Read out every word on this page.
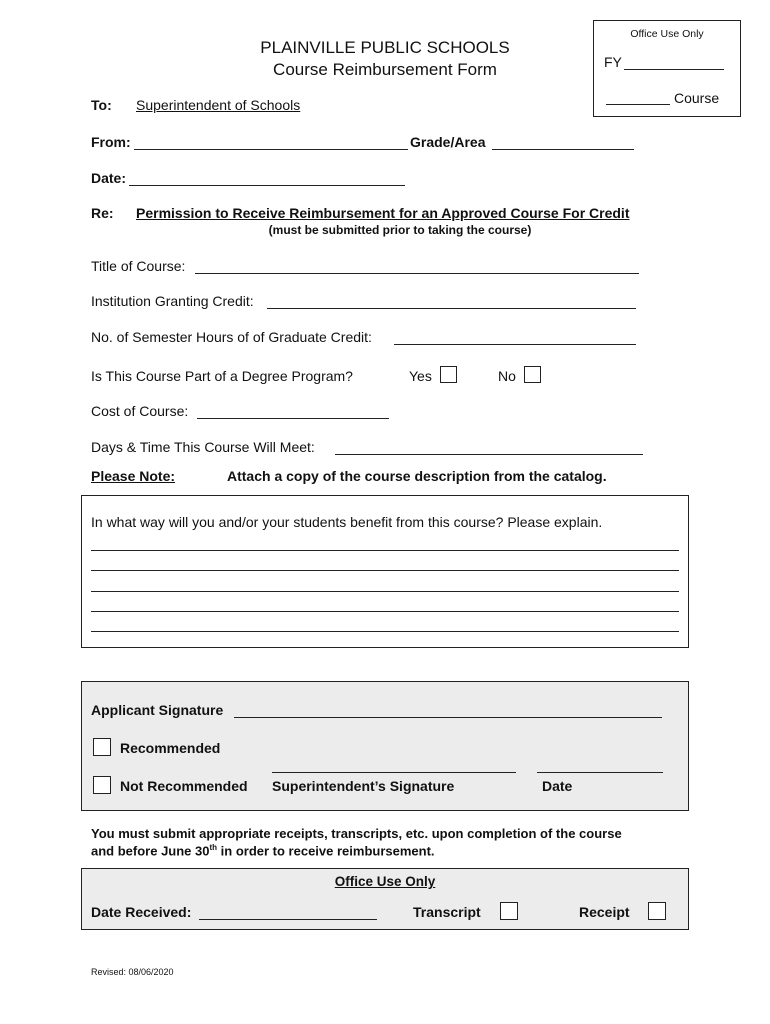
Office Use Only
FY
Course
PLAINVILLE PUBLIC SCHOOLS
Course Reimbursement Form
To: Superintendent of Schools
From:	Grade/Area
Date:
Re: Permission to Receive Reimbursement for an Approved Course For Credit
(must be submitted prior to taking the course)
Title of Course:
Institution Granting Credit:
No. of Semester Hours of of Graduate Credit:
Is This Course Part of a Degree Program?	Yes	No
Cost of Course:
Days & Time This Course Will Meet:
Please Note:	Attach a copy of the course description from the catalog.
In what way will you and/or your students benefit from this course? Please explain.
Applicant Signature
Recommended
Not Recommended Superintendent’s Signature	Date
You must submit appropriate receipts, transcripts, etc. upon completion of the course
and before June 30th in order to receive reimbursement.
Office Use Only
Date Received:	Transcript	Receipt
Revised: 08/06/2020
